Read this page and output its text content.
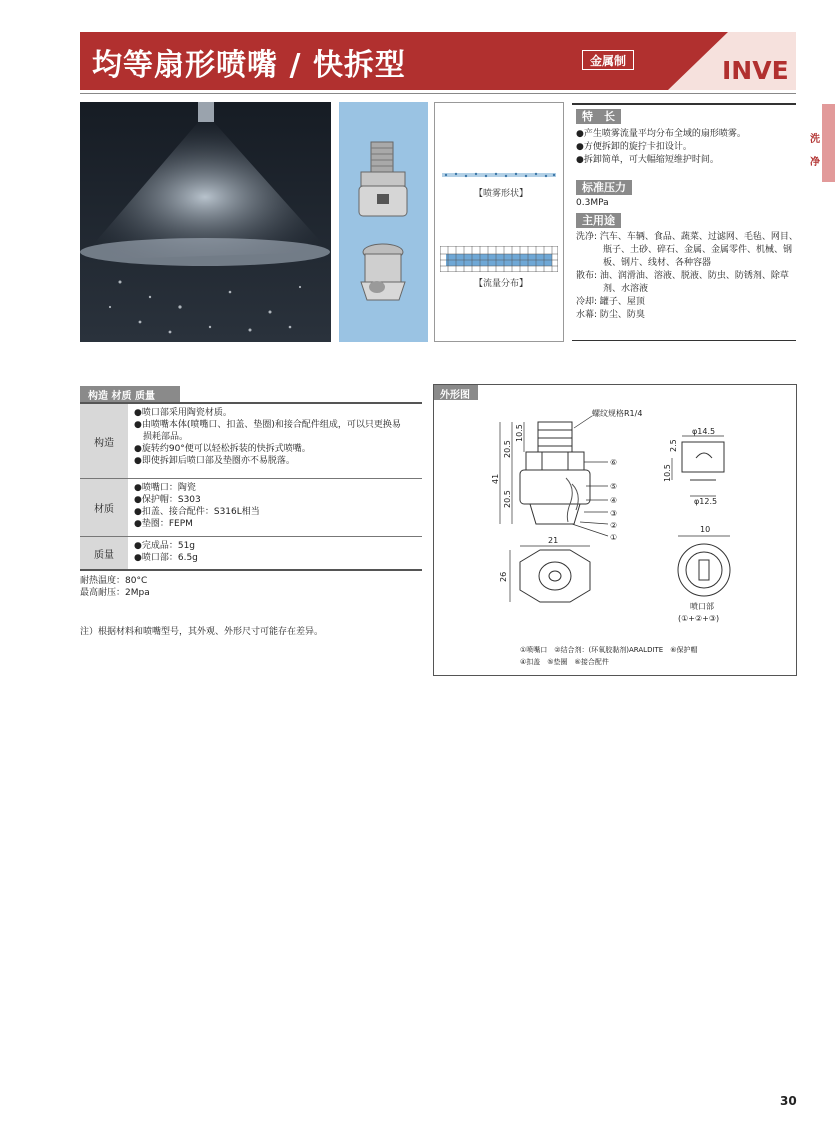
均等扇形喷嘴 / 快拆型	金属制	INVE
洗
净
【喷雾形状】
【流量分布】
特　长
●产生喷雾流量平均分布全域的扇形喷雾。
●方便拆卸的旋拧卡扣设计。
●拆卸简单，可大幅缩短维护时间。
标准压力
0.3MPa
主用途
洗净: 汽车、车辆、食品、蔬菜、过滤网、毛毡、网目、
　　　瓶子、土砂、碎石、金属、金属零件、机械、钢
　　　板、钢片、线材、各种容器
散布: 油、润滑油、溶液、脱液、防虫、防锈剂、除草
　　　剂、水溶液
冷却: 罐子、屋顶
水幕: 防尘、防臭
构造 材质 质量
构造
●喷口部采用陶瓷材质。
●由喷嘴本体(喷嘴口、扣盖、垫圈)和接合配件组成，可以只更换易
　损耗部品。
●旋转约90°便可以轻松拆装的快拆式喷嘴。
●即使拆卸后喷口部及垫圈亦不易脱落。
材质
●喷嘴口：陶瓷
●保护帽：S303
●扣盖、接合配件：S316L相当
●垫圈：FEPM
质量
●完成品：51g
●喷口部：6.5g
耐热温度：80°C
最高耐压：2Mpa
注）根据材料和喷嘴型号，其外观、外形尺寸可能存在差异。
外形图
螺纹规格R1/4
10.5
20.5
41
20.5
21
26
φ14.5
2.5
10.5
φ12.5
10
⑥
⑤
④
③
②
①
喷口部
(①+②+③)
①喷嘴口　②结合剂：(环氧胶黏剂)ARALDITE　⑥保护帽
④扣盖　⑤垫圈　⑥接合配件
30
